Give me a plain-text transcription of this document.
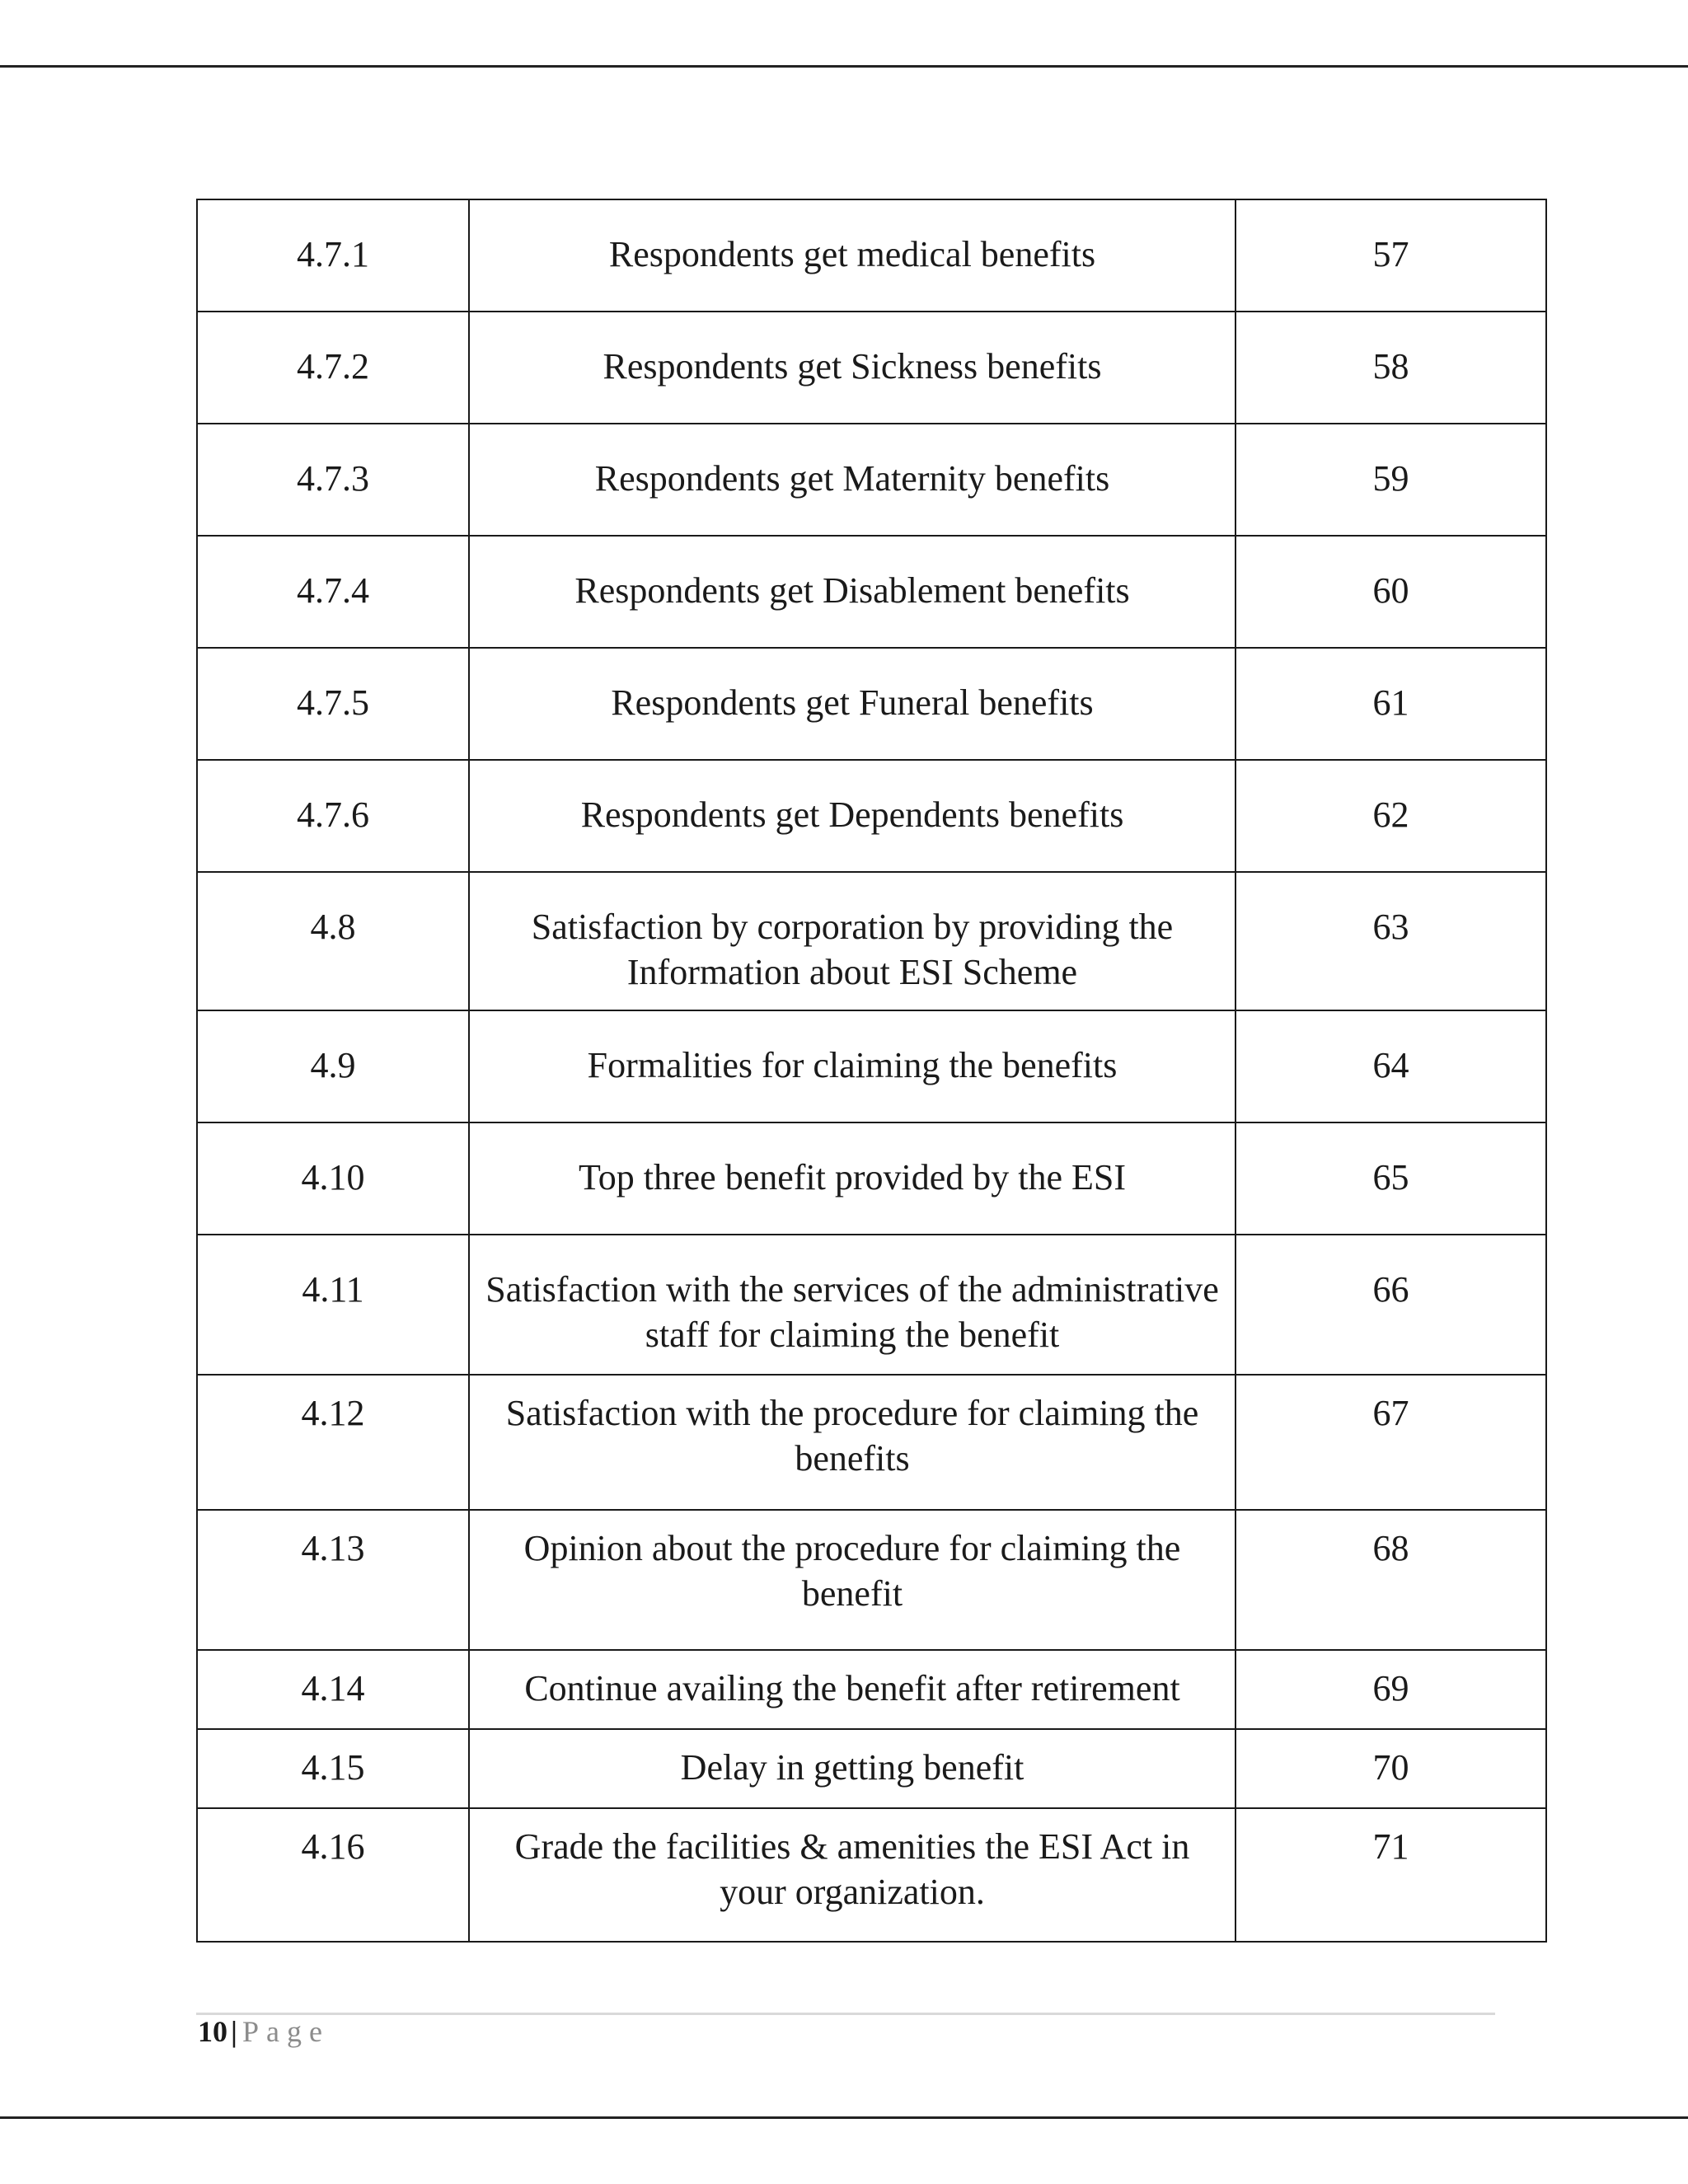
4.7.1	Respondents get medical benefits	57
4.7.2	Respondents get Sickness benefits	58
4.7.3	Respondents get Maternity benefits	59
4.7.4	Respondents get Disablement benefits	60
4.7.5	Respondents get Funeral benefits	61
4.7.6	Respondents get Dependents benefits	62
4.8	Satisfaction by corporation by providing the Information about ESI Scheme	63
4.9	Formalities for claiming the benefits	64
4.10	Top three benefit provided by the ESI	65
4.11	Satisfaction with the services of the administrative staff for claiming the benefit	66
4.12	Satisfaction with the procedure for claiming the benefits	67
4.13	Opinion about the procedure for claiming the benefit	68
4.14	Continue availing the benefit after retirement	69
4.15	Delay in getting benefit	70
4.16	Grade the facilities & amenities the ESI Act in your organization.	71
10 | Page
